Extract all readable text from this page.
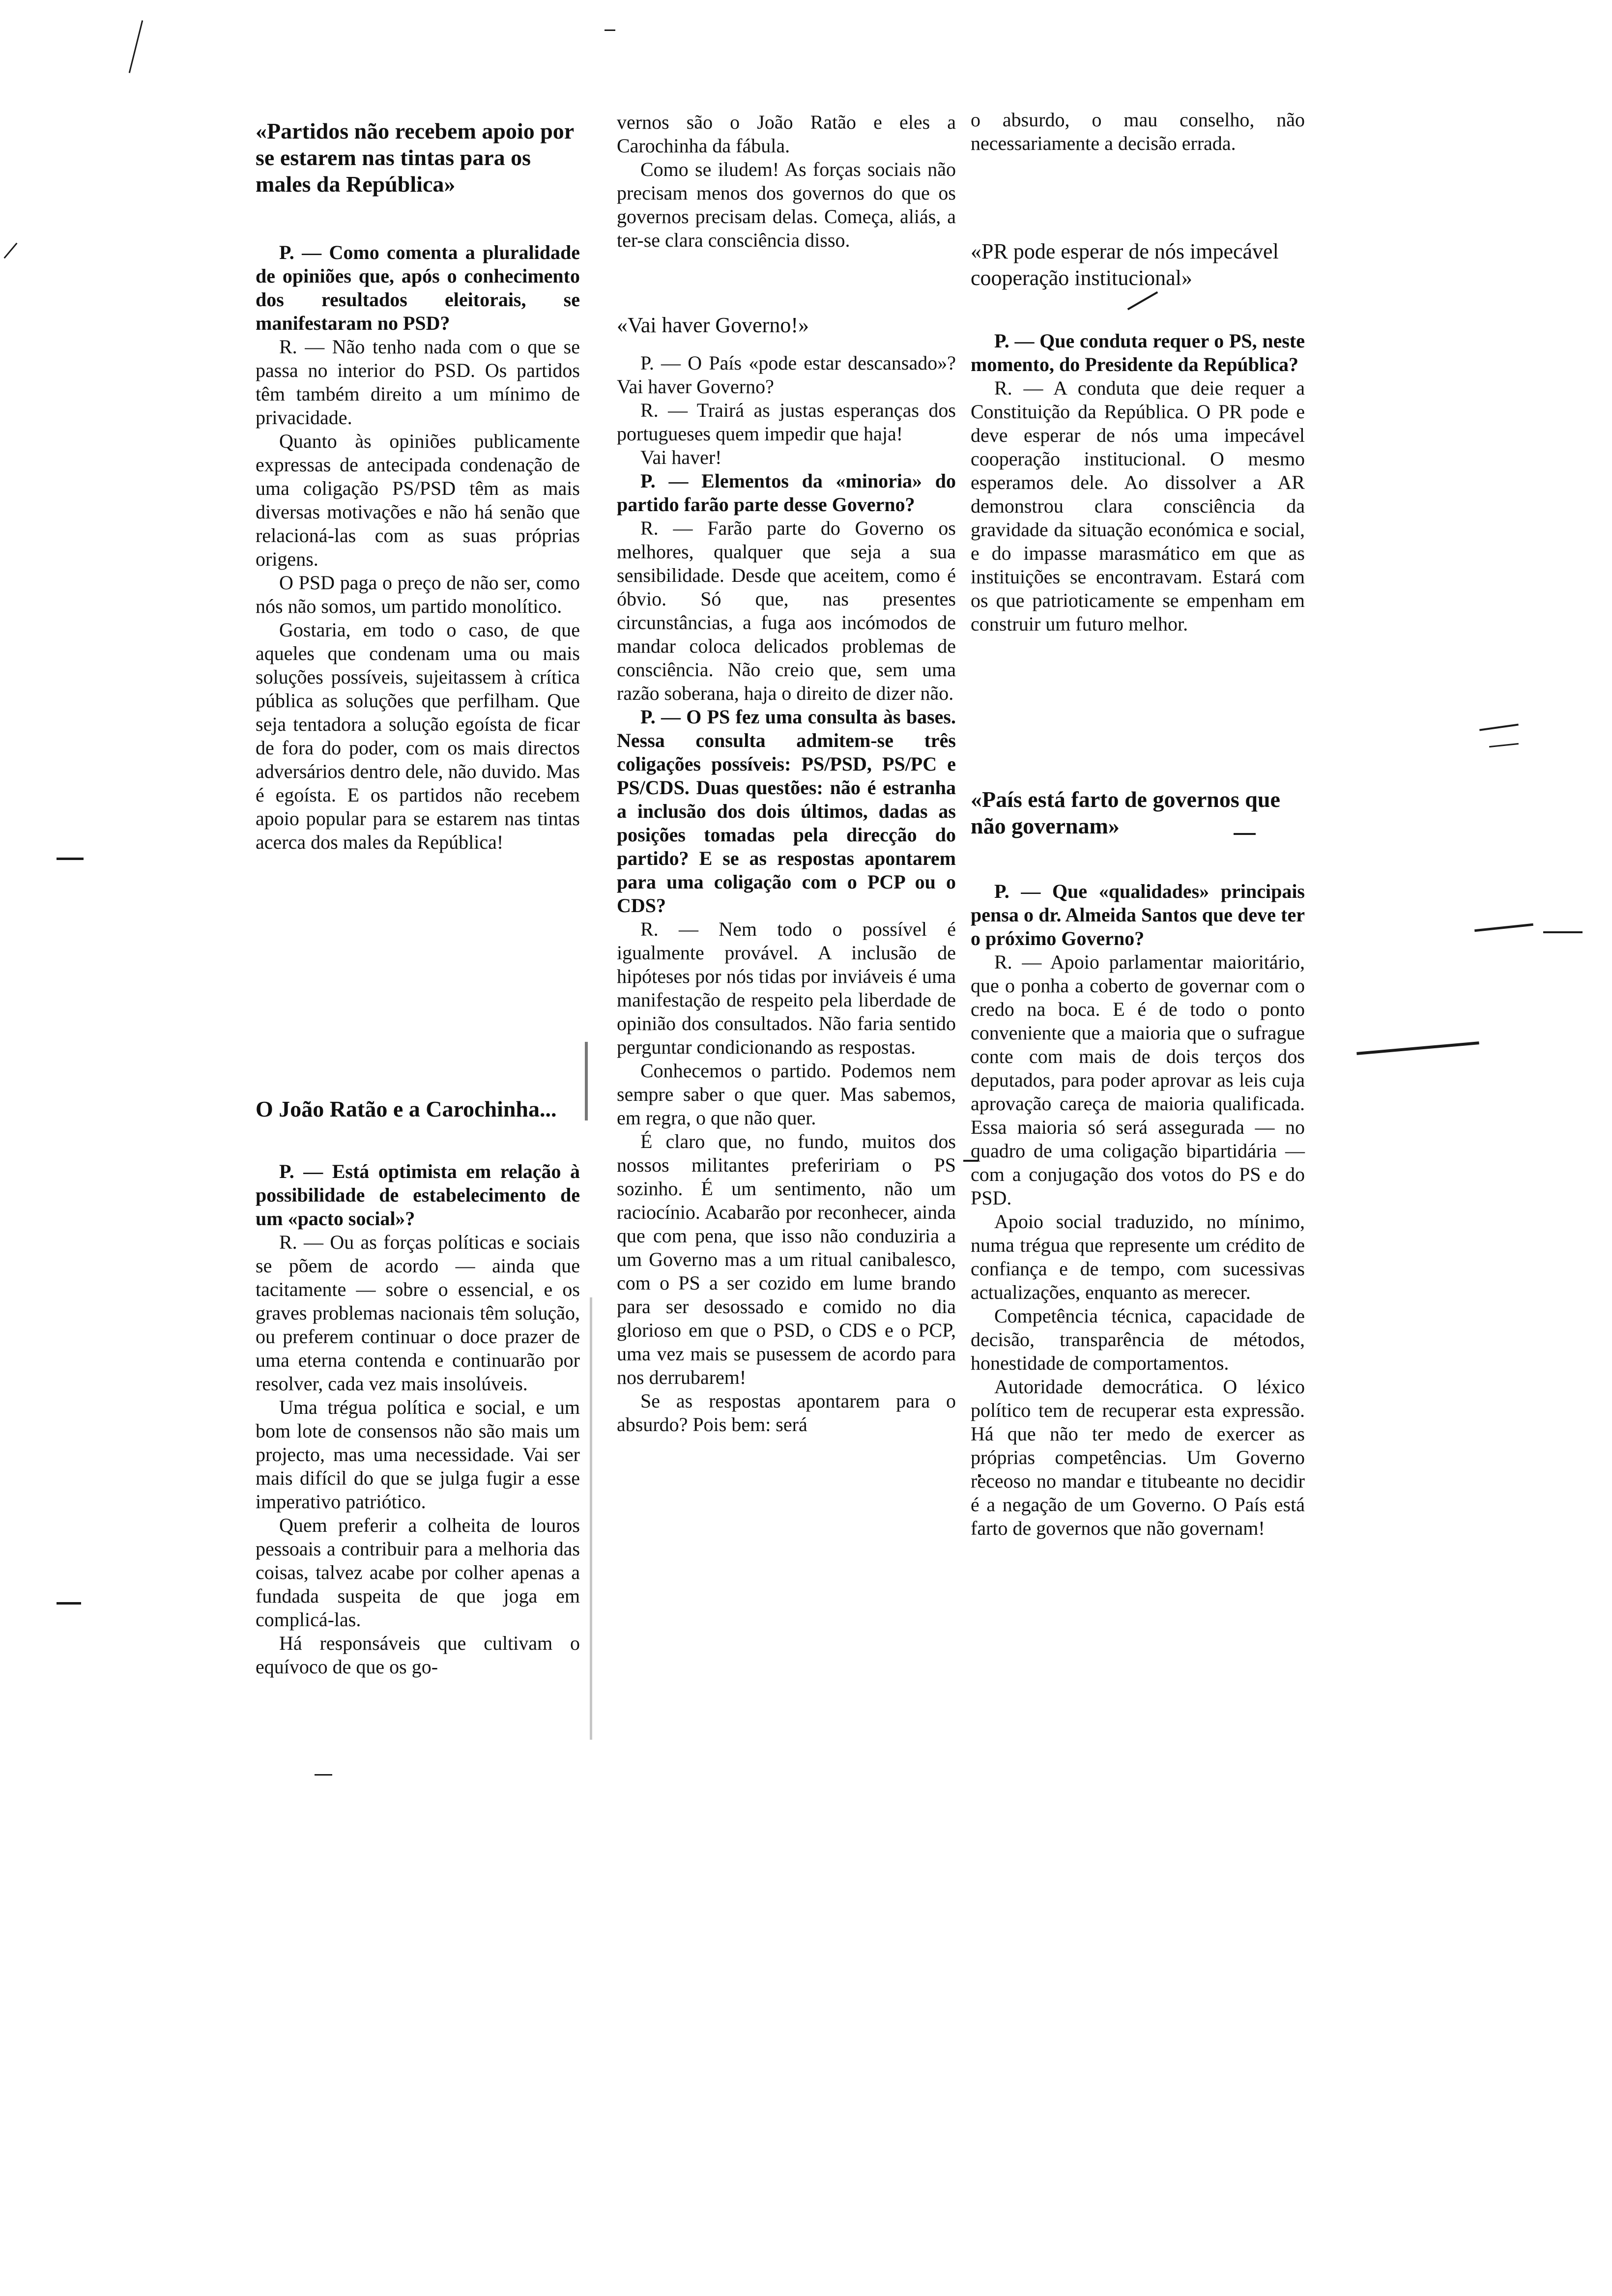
«Partidos não recebem apoio por se estarem nas tintas para os males da República»

P. — Como comenta a pluralidade de opiniões que, após o conhecimento dos resultados eleitorais, se manifestaram no PSD?

R. — Não tenho nada com o que se passa no interior do PSD. Os partidos têm também direito a um mínimo de privacidade.

Quanto às opiniões publicamente expressas de antecipada condenação de uma coligação PS/PSD têm as mais diversas motivações e não há senão que relacioná-las com as suas próprias origens.

O PSD paga o preço de não ser, como nós não somos, um partido monolítico.

Gostaria, em todo o caso, de que aqueles que condenam uma ou mais soluções possíveis, sujeitassem à crítica pública as soluções que perfilham. Que seja tentadora a solução egoísta de ficar de fora do poder, com os mais directos adversários dentro dele, não duvido. Mas é egoísta. E os partidos não recebem apoio popular para se estarem nas tintas acerca dos males da República!

O João Ratão e a Carochinha...

P. — Está optimista em relação à possibilidade de estabelecimento de um «pacto social»?

R. — Ou as forças políticas e sociais se põem de acordo — ainda que tacitamente — sobre o essencial, e os graves problemas nacionais têm solução, ou preferem continuar o doce prazer de uma eterna contenda e continuarão por resolver, cada vez mais insolúveis.

Uma trégua política e social, e um bom lote de consensos não são mais um projecto, mas uma necessidade. Vai ser mais difícil do que se julga fugir a esse imperativo patriótico.

Quem preferir a colheita de louros pessoais a contribuir para a melhoria das coisas, talvez acabe por colher apenas a fundada suspeita de que joga em complicá-las.

Há responsáveis que cultivam o equívoco de que os go-

vernos são o João Ratão e eles a Carochinha da fábula.

Como se iludem! As forças sociais não precisam menos dos governos do que os governos precisam delas. Começa, aliás, a ter-se clara consciência disso.

«Vai haver Governo!»

P. — O País «pode estar descansado»? Vai haver Governo?

R. — Trairá as justas esperanças dos portugueses quem impedir que haja!

Vai haver!

P. — Elementos da «minoria» do partido farão parte desse Governo?

R. — Farão parte do Governo os melhores, qualquer que seja a sua sensibilidade. Desde que aceitem, como é óbvio. Só que, nas presentes circunstâncias, a fuga aos incómodos de mandar coloca delicados problemas de consciência. Não creio que, sem uma razão soberana, haja o direito de dizer não.

P. — O PS fez uma consulta às bases. Nessa consulta admitem-se três coligações possíveis: PS/PSD, PS/PC e PS/CDS. Duas questões: não é estranha a inclusão dos dois últimos, dadas as posições tomadas pela direcção do partido? E se as respostas apontarem para uma coligação com o PCP ou o CDS?

R. — Nem todo o possível é igualmente provável. A inclusão de hipóteses por nós tidas por inviáveis é uma manifestação de respeito pela liberdade de opinião dos consultados. Não faria sentido perguntar condicionando as respostas.

Conhecemos o partido. Podemos nem sempre saber o que quer. Mas sabemos, em regra, o que não quer.

É claro que, no fundo, muitos dos nossos militantes prefeririam o PS sozinho. É um sentimento, não um raciocínio. Acabarão por reconhecer, ainda que com pena, que isso não conduziria a um Governo mas a um ritual canibalesco, com o PS a ser cozido em lume brando para ser desossado e comido no dia glorioso em que o PSD, o CDS e o PCP, uma vez mais se pusessem de acordo para nos derrubarem!

Se as respostas apontarem para o absurdo? Pois bem: será

o absurdo, o mau conselho, não necessariamente a decisão errada.

«PR pode esperar de nós impecável cooperação institucional»

P. — Que conduta requer o PS, neste momento, do Presidente da República?

R. — A conduta que deie requer a Constituição da República. O PR pode e deve esperar de nós uma impecável cooperação institucional. O mesmo esperamos dele. Ao dissolver a AR demonstrou clara consciência da gravidade da situação económica e social, e do impasse marasmático em que as instituições se encontravam. Estará com os que patrioticamente se empenham em construir um futuro melhor.

«País está farto de governos que não governam»

P. — Que «qualidades» principais pensa o dr. Almeida Santos que deve ter o próximo Governo?

R. — Apoio parlamentar maioritário, que o ponha a coberto de governar com o credo na boca. E é de todo o ponto conveniente que a maioria que o sufrague conte com mais de dois terços dos deputados, para poder aprovar as leis cuja aprovação careça de maioria qualificada. Essa maioria só será assegurada — no quadro de uma coligação bipartidária — com a conjugação dos votos do PS e do PSD.

Apoio social traduzido, no mínimo, numa trégua que represente um crédito de confiança e de tempo, com sucessivas actualizações, enquanto as merecer.

Competência técnica, capacidade de decisão, transparência de métodos, honestidade de comportamentos.

Autoridade democrática. O léxico político tem de recuperar esta expressão. Há que não ter medo de exercer as próprias competências. Um Governo receoso no mandar e titubeante no decidir é a negação de um Governo. O País está farto de governos que não governam!
